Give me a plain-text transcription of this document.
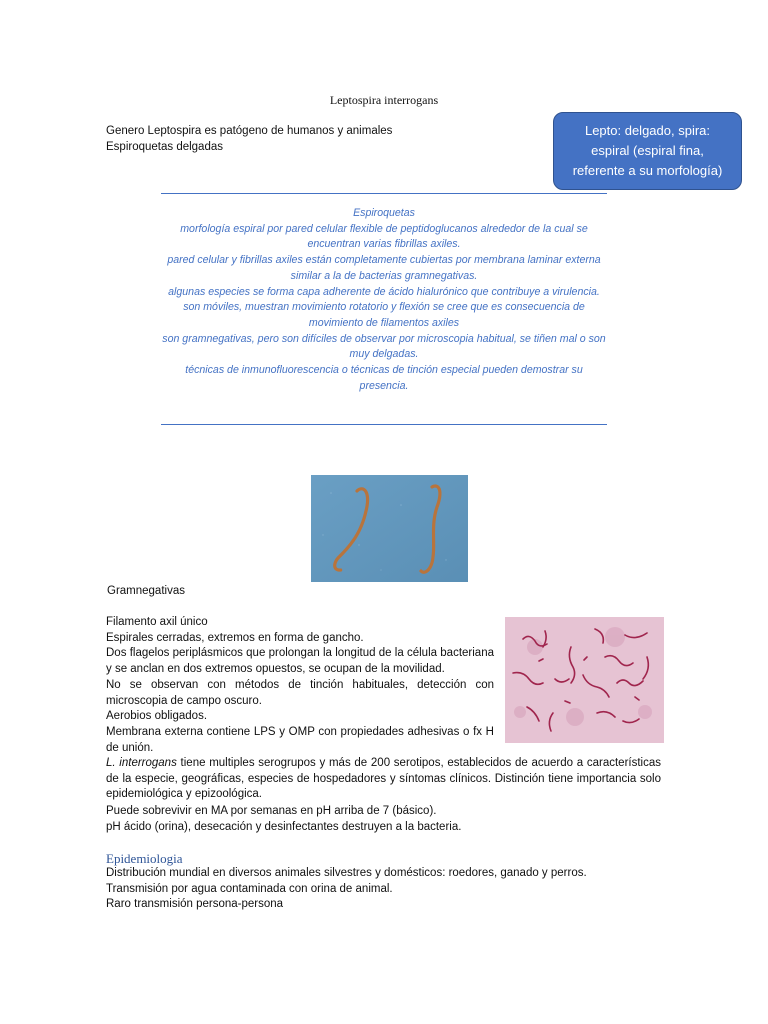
Leptospira interrogans
Genero Leptospira es patógeno de humanos y animales
Espiroquetas delgadas
Lepto: delgado, spira:
espiral (espiral fina,
referente a su morfología)

Espiroquetas

morfología espiral por pared celular flexible de peptidoglucanos alrededor de la cual se encuentran varias fibrillas axiles.

pared celular y fibrillas axiles están completamente cubiertas por membrana laminar externa similar a la de bacterias gramnegativas.

algunas especies se forma capa adherente de ácido hialurónico que contribuye a virulencia.

son móviles, muestran movimiento rotatorio y flexión se cree que es consecuencia de movimiento de filamentos axiles

son gramnegativas, pero son difíciles de observar por microscopia habitual, se tiñen mal o son muy delgadas.

técnicas de inmunofluorescencia o técnicas de tinción especial pueden demostrar su presencia.

Gramnegativas

Filamento axil único

Espirales cerradas, extremos en forma de gancho.

Dos flagelos periplásmicos que prolongan la longitud de la célula bacteriana y se anclan en dos extremos opuestos, se ocupan de la movilidad.

No se observan con métodos de tinción habituales, detección con microscopia de campo oscuro.

Aerobios obligados.

Membrana externa contiene LPS y OMP con propiedades adhesivas o fx H de unión.

L. interrogans tiene multiples serogrupos y más de 200 serotipos, establecidos de acuerdo a características de la especie, geográficas, especies de hospedadores y síntomas clínicos. Distinción tiene importancia solo epidemiológica y epizoológica.

Puede sobrevivir en MA por semanas en pH arriba de 7 (básico).

pH ácido (orina), desecación y desinfectantes destruyen a la bacteria.

Epidemiologia

Distribución mundial en diversos animales silvestres y domésticos: roedores, ganado y perros.

Transmisión por agua contaminada con orina de animal.

Raro transmisión persona-persona
